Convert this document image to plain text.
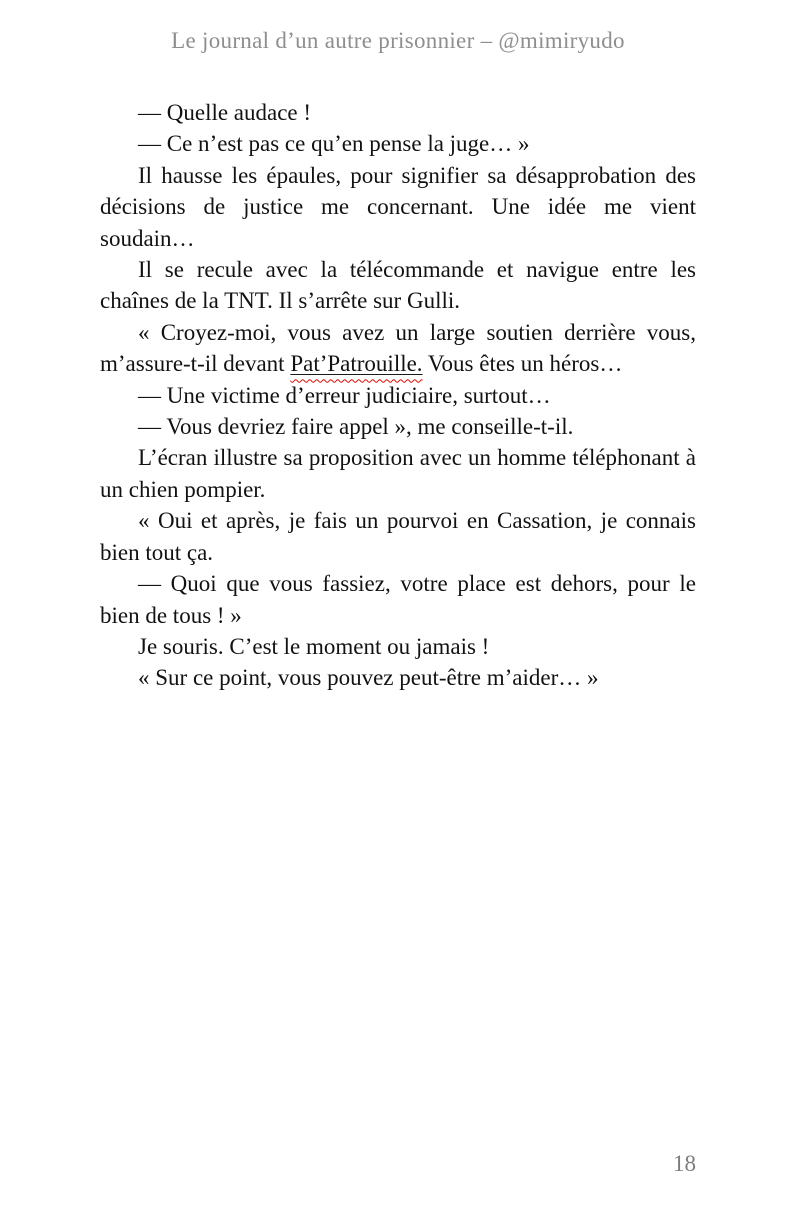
Le journal d’un autre prisonnier – @mimiryudo

— Quelle audace !

— Ce n’est pas ce qu’en pense la juge… »

Il hausse les épaules, pour signifier sa désapprobation des décisions de justice me concernant. Une idée me vient soudain…

Il se recule avec la télécommande et navigue entre les chaînes de la TNT. Il s’arrête sur Gulli.

« Croyez-moi, vous avez un large soutien derrière vous, m’assure-t-il devant Pat’Patrouille. Vous êtes un héros…

— Une victime d’erreur judiciaire, surtout…

— Vous devriez faire appel », me conseille-t-il.

L’écran illustre sa proposition avec un homme téléphonant à un chien pompier.

« Oui et après, je fais un pourvoi en Cassation, je connais bien tout ça.

— Quoi que vous fassiez, votre place est dehors, pour le bien de tous ! »

Je souris. C’est le moment ou jamais !

« Sur ce point, vous pouvez peut-être m’aider… »

18
